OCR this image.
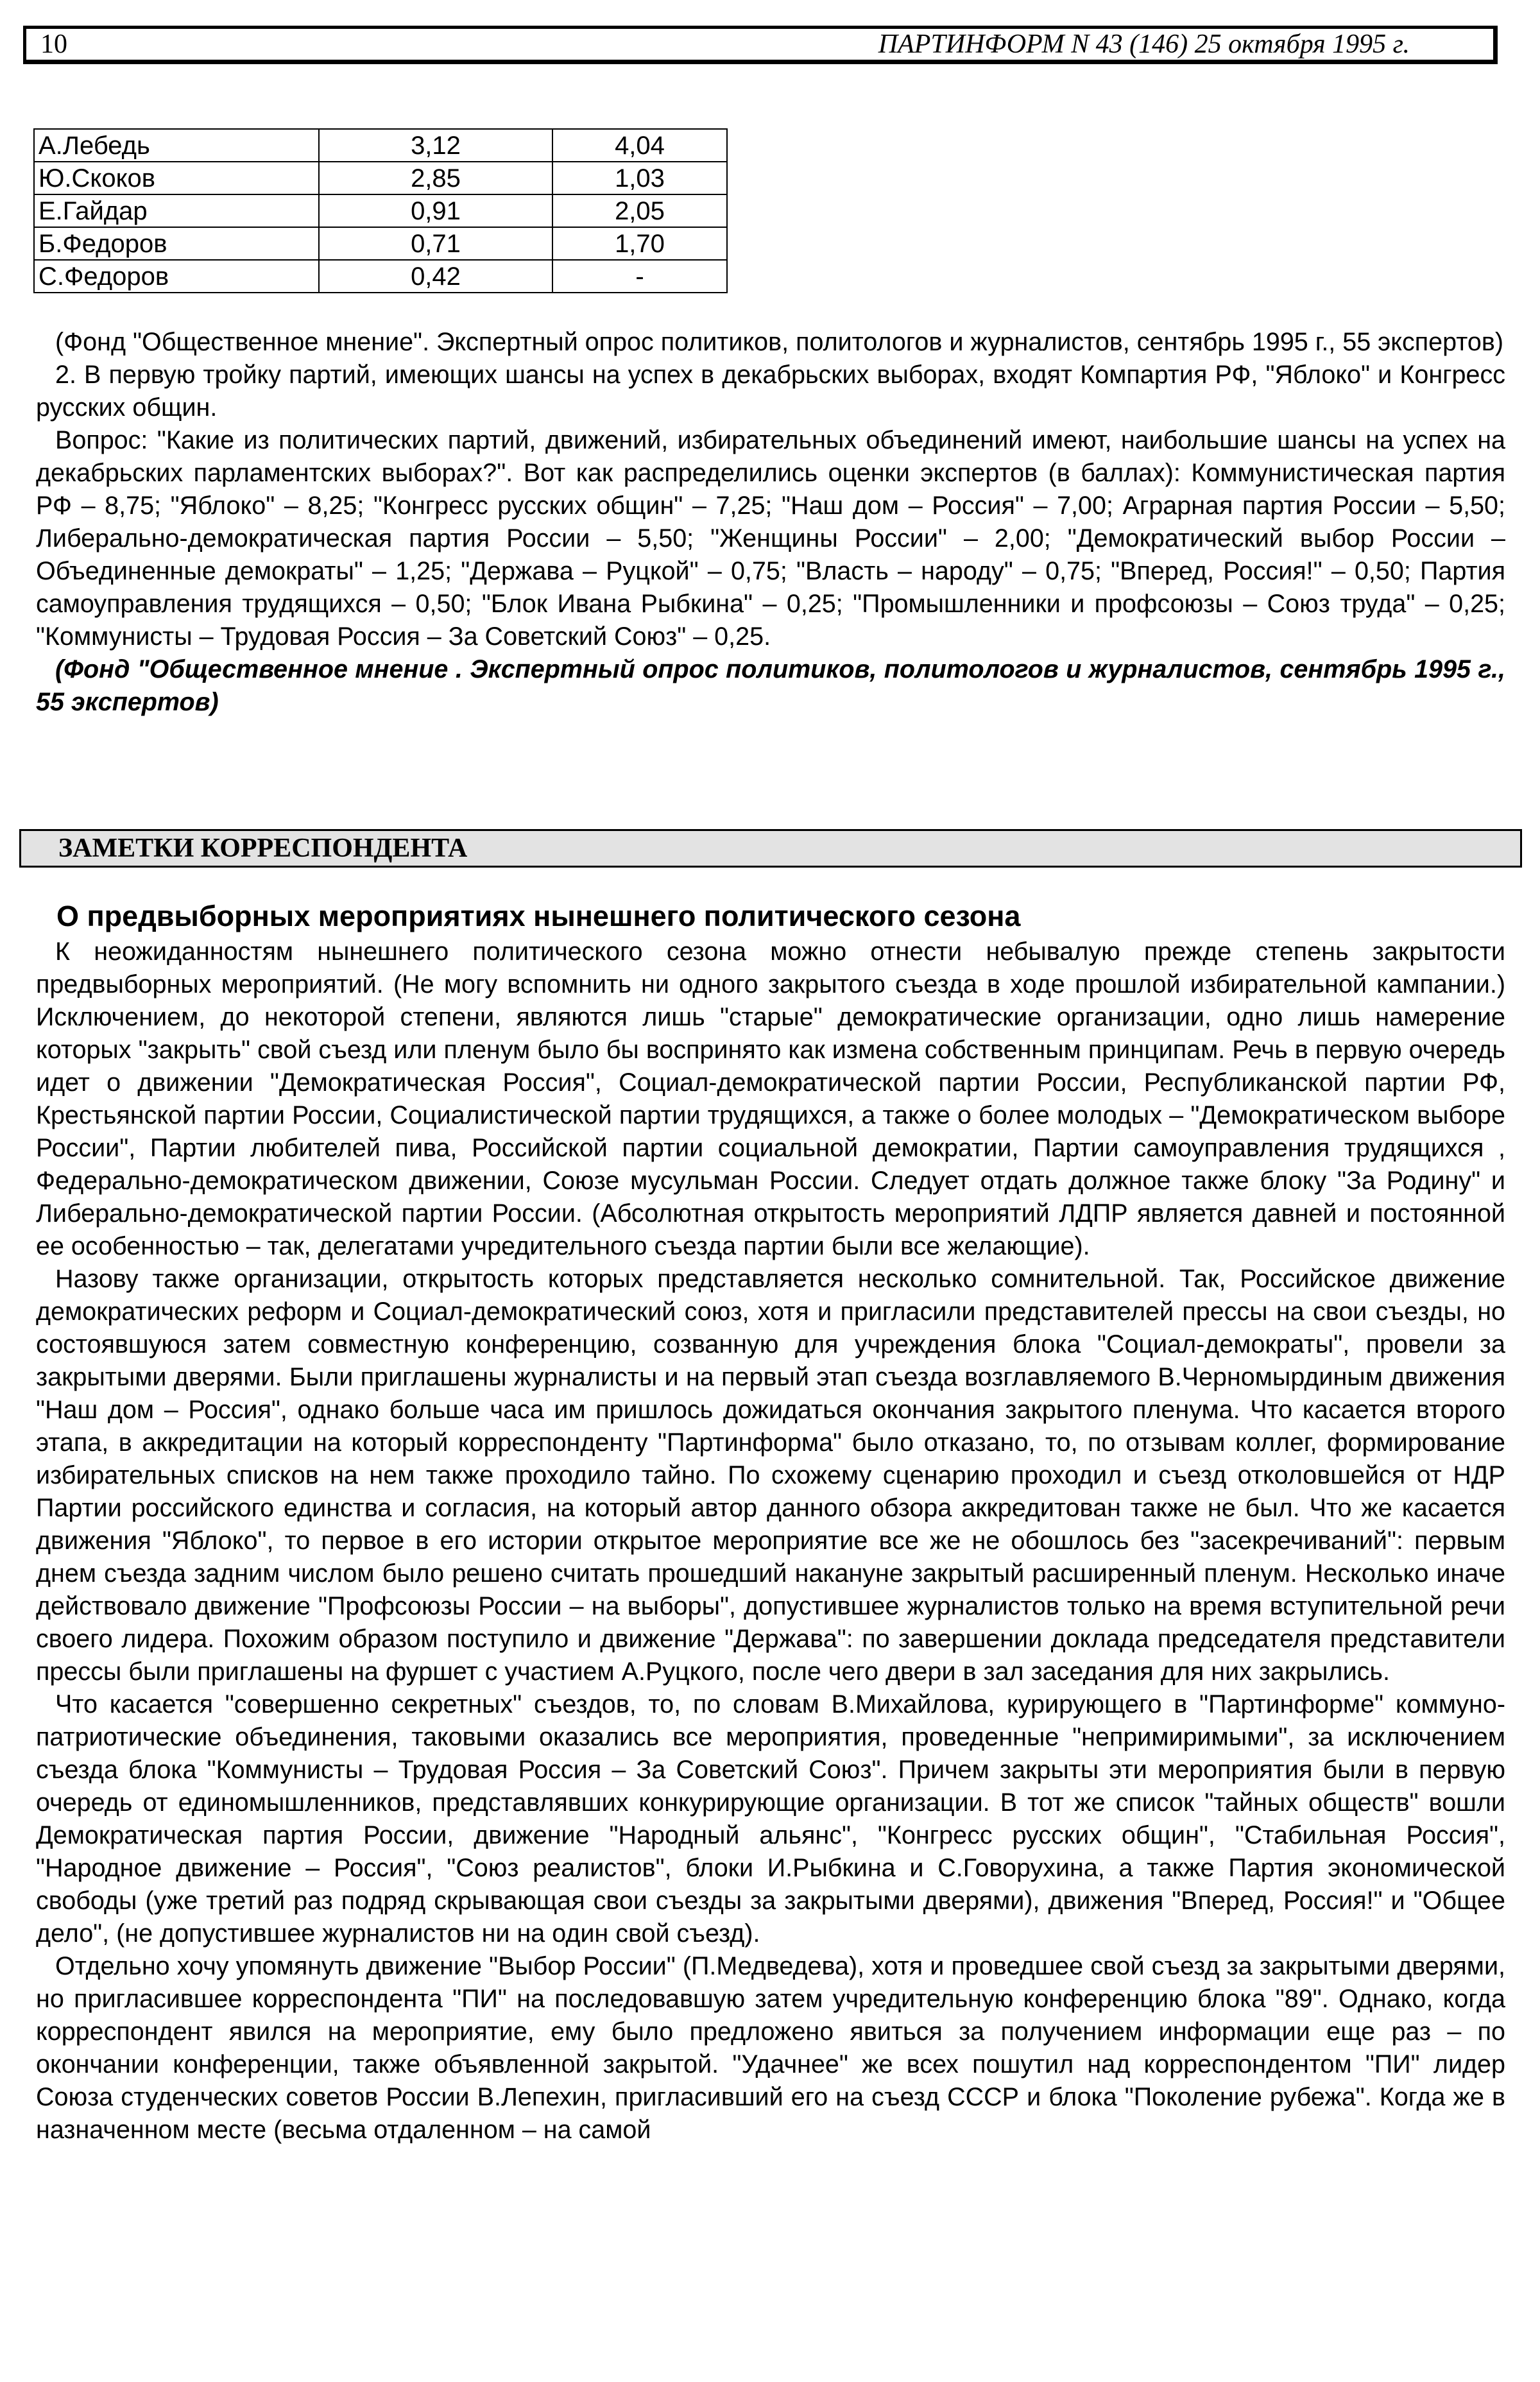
10	ПАРТИНФОРМ N 43 (146) 25 октября 1995 г.
А.Лебедь	3,12	4,04
Ю.Скоков	2,85	1,03
Е.Гайдар	0,91	2,05
Б.Федоров	0,71	1,70
С.Федоров	0,42	-

(Фонд "Общественное мнение". Экспертный опрос политиков, политологов и журналистов, сентябрь 1995 г., 55 экспертов)

2. В первую тройку партий, имеющих шансы на успех в декабрьских выборах, входят Компартия РФ, "Яблоко" и Конгресс русских общин.

Вопрос: "Какие из политических партий, движений, избирательных объединений имеют, наибольшие шансы на успех на декабрьских парламентских выборах?". Вот как распределились оценки экспертов (в баллах): Коммунистическая партия РФ – 8,75; "Яблоко" – 8,25; "Конгресс русских общин" – 7,25; "Наш дом – Россия" – 7,00; Аграрная партия России – 5,50; Либерально-демократическая партия России – 5,50; "Женщины России" – 2,00; "Демократический выбор России – Объединенные демократы" – 1,25; "Держава – Руцкой" – 0,75; "Власть – народу" – 0,75; "Вперед, Россия!" – 0,50; Партия самоуправления трудящихся – 0,50; "Блок Ивана Рыбкина" – 0,25; "Промышленники и профсоюзы – Союз труда" – 0,25; "Коммунисты – Трудовая Россия – За Советский Союз" – 0,25.

(Фонд "Общественное мнение . Экспертный опрос политиков, политологов и журналистов, сентябрь 1995 г., 55 экспертов)

ЗАМЕТКИ КОРРЕСПОНДЕНТА
О предвыборных мероприятиях нынешнего политического сезона

К неожиданностям нынешнего политического сезона можно отнести небывалую прежде степень закрытости предвыборных мероприятий. (Не могу вспомнить ни одного закрытого съезда в ходе прошлой избирательной кампании.) Исключением, до некоторой степени, являются лишь "старые" демократические организации, одно лишь намерение которых "закрыть" свой съезд или пленум было бы воспринято как измена собственным принципам. Речь в первую очередь идет о движении "Демократическая Россия", Социал-демократической партии России, Республиканской партии РФ, Крестьянской партии России, Социалистической партии трудящихся, а также о более молодых – "Демократическом выборе России", Партии любителей пива, Российской партии социальной демократии, Партии самоуправления трудящихся , Федерально-демократическом движении, Союзе мусульман России. Следует отдать должное также блоку "За Родину" и Либерально-демократической партии России. (Абсолютная открытость мероприятий ЛДПР является давней и постоянной ее особенностью – так, делегатами учредительного съезда партии были все желающие).

Назову также организации, открытость которых представляется несколько сомнительной. Так, Российское движение демократических реформ и Социал-демократический союз, хотя и пригласили представителей прессы на свои съезды, но состоявшуюся затем совместную конференцию, созванную для учреждения блока "Социал-демократы", провели за закрытыми дверями. Были приглашены журналисты и на первый этап съезда возглавляемого В.Черномырдиным движения "Наш дом – Россия", однако больше часа им пришлось дожидаться окончания закрытого пленума. Что касается второго этапа, в аккредитации на который корреспонденту "Партинформа" было отказано, то, по отзывам коллег, формирование избирательных списков на нем также проходило тайно. По схожему сценарию проходил и съезд отколовшейся от НДР Партии российского единства и согласия, на который автор данного обзора аккредитован также не был. Что же касается движения "Яблоко", то первое в его истории открытое мероприятие все же не обошлось без "засекречиваний": первым днем съезда задним числом было решено считать прошедший накануне закрытый расширенный пленум. Несколько иначе действовало движение "Профсоюзы России – на выборы", допустившее журналистов только на время вступительной речи своего лидера. Похожим образом поступило и движение "Держава": по завершении доклада председателя представители прессы были приглашены на фуршет с участием А.Руцкого, после чего двери в зал заседания для них закрылись.

Что касается "совершенно секретных" съездов, то, по словам В.Михайлова, курирующего в "Партинформе" коммуно-патриотические объединения, таковыми оказались все мероприятия, проведенные "непримиримыми", за исключением съезда блока "Коммунисты – Трудовая Россия – За Советский Союз". Причем закрыты эти мероприятия были в первую очередь от единомышленников, представлявших конкурирующие организации. В тот же список "тайных обществ" вошли Демократическая партия России, движение "Народный альянс", "Конгресс русских общин", "Стабильная Россия", "Народное движение – Россия", "Союз реалистов", блоки И.Рыбкина и С.Говорухина, а также Партия экономической свободы (уже третий раз подряд скрывающая свои съезды за закрытыми дверями), движения "Вперед, Россия!" и "Общее дело", (не допустившее журналистов ни на один свой съезд).

Отдельно хочу упомянуть движение "Выбор России" (П.Медведева), хотя и проведшее свой съезд за закрытыми дверями, но пригласившее корреспондента "ПИ" на последовавшую затем учредительную конференцию блока "89". Однако, когда корреспондент явился на мероприятие, ему было предложено явиться за получением информации еще раз – по окончании конференции, также объявленной закрытой. "Удачнее" же всех пошутил над корреспондентом "ПИ" лидер Союза студенческих советов России В.Лепехин, пригласивший его на съезд СССР и блока "Поколение рубежа". Когда же в назначенном месте (весьма отдаленном – на самой
